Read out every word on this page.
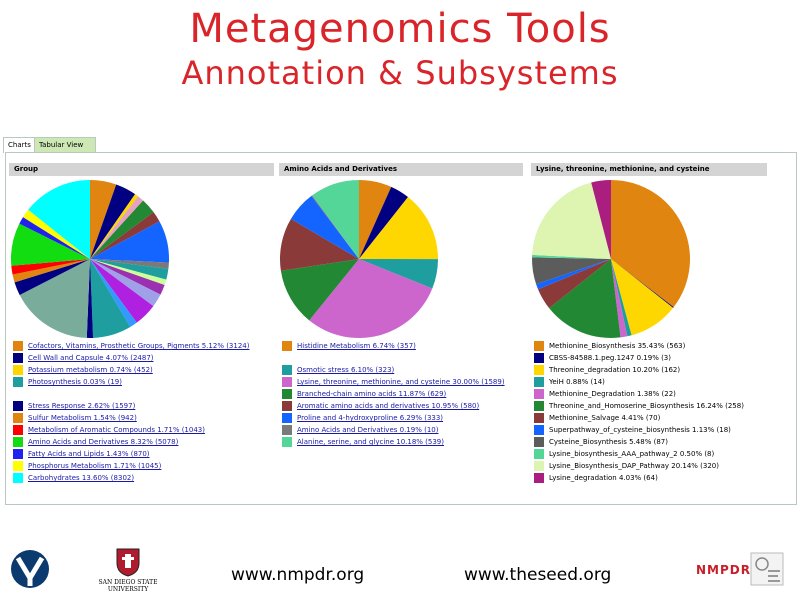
Metagenomics Tools
Annotation & Subsystems
Charts	Tabular View
Group	Amino Acids and Derivatives	Lysine, threonine, methionine, and cysteine
Cofactors, Vitamins, Prosthetic Groups, Pigments 5.12% (3124)
Cell Wall and Capsule 4.07% (2487)
Potassium metabolism 0.74% (452)
Photosynthesis 0.03% (19)
Stress Response 2.62% (1597)
Sulfur Metabolism 1.54% (942)
Metabolism of Aromatic Compounds 1.71% (1043)
Amino Acids and Derivatives 8.32% (5078)
Fatty Acids and Lipids 1.43% (870)
Phosphorus Metabolism 1.71% (1045)
Carbohydrates 13.60% (8302)
Histidine Metabolism 6.74% (357)
Osmotic stress 6.10% (323)
Lysine, threonine, methionine, and cysteine 30.00% (1589)
Branched-chain amino acids 11.87% (629)
Aromatic amino acids and derivatives 10.95% (580)
Proline and 4-hydroxyproline 6.29% (333)
Amino Acids and Derivatives 0.19% (10)
Alanine, serine, and glycine 10.18% (539)
Methionine_Biosynthesis 35.43% (563)
CBSS-84588.1.peg.1247 0.19% (3)
Threonine_degradation 10.20% (162)
YeiH 0.88% (14)
Methionine_Degradation 1.38% (22)
Threonine_and_Homoserine_Biosynthesis 16.24% (258)
Methionine_Salvage 4.41% (70)
Superpathway_of_cysteine_biosynthesis 1.13% (18)
Cysteine_Biosynthesis 5.48% (87)
Lysine_biosynthesis_AAA_pathway_2 0.50% (8)
Lysine_Biosynthesis_DAP_Pathway 20.14% (320)
Lysine_degradation 4.03% (64)
SAN DIEGO STATE UNIVERSITY
www.nmpdr.org	www.theseed.org	NMPDR
